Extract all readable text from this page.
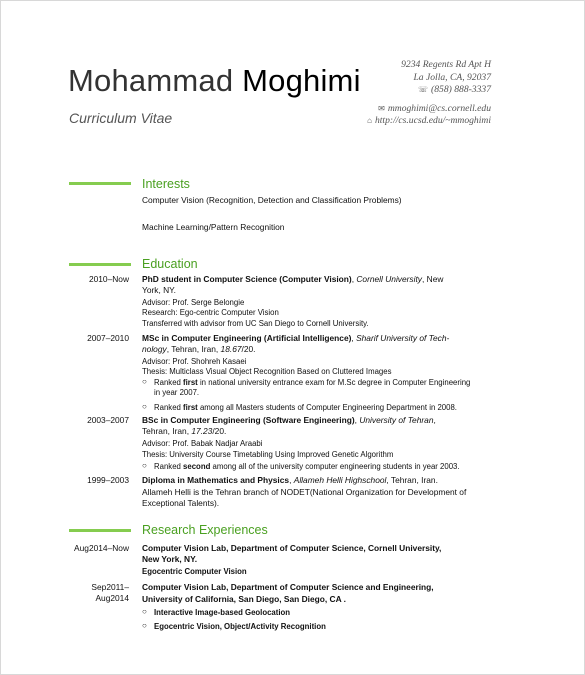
Mohammad Moghimi
Curriculum Vitae
9234 Regents Rd Apt H
La Jolla, CA, 92037
☏ (858) 888-3337
✉ mmoghimi@cs.cornell.edu
⌂ http://cs.ucsd.edu/~mmoghimi
Interests
Computer Vision (Recognition, Detection and Classification Problems)
Machine Learning/Pattern Recognition
Education
2010–Now PhD student in Computer Science (Computer Vision), Cornell University, New
York, NY.
Advisor: Prof. Serge Belongie
Research: Ego-centric Computer Vision
Transferred with advisor from UC San Diego to Cornell University.
2007–2010 MSc in Computer Engineering (Artificial Intelligence), Sharif University of Tech-
nology, Tehran, Iran, 18.67/20.
Advisor: Prof. Shohreh Kasaei
Thesis: Multiclass Visual Object Recognition Based on Cluttered Images
○ Ranked first in national university entrance exam for M.Sc degree in Computer Engineering
in year 2007.
○ Ranked first among all Masters students of Computer Engineering Department in 2008.
2003–2007 BSc in Computer Engineering (Software Engineering), University of Tehran,
Tehran, Iran, 17.23/20.
Advisor: Prof. Babak Nadjar Araabi
Thesis: University Course Timetabling Using Improved Genetic Algorithm
○ Ranked second among all of the university computer engineering students in year 2003.
1999–2003 Diploma in Mathematics and Physics, Allameh Helli Highschool, Tehran, Iran.
Allameh Helli is the Tehran branch of NODET(National Organization for Development of
Exceptional Talents).
Research Experiences
Aug2014–Now Computer Vision Lab, Department of Computer Science, Cornell University,
New York, NY.
Egocentric Computer Vision
Sep2011–
Aug2014
Computer Vision Lab, Department of Computer Science and Engineering,
University of California, San Diego, San Diego, CA .
○ Interactive Image-based Geolocation
○ Egocentric Vision, Object/Activity Recognition
